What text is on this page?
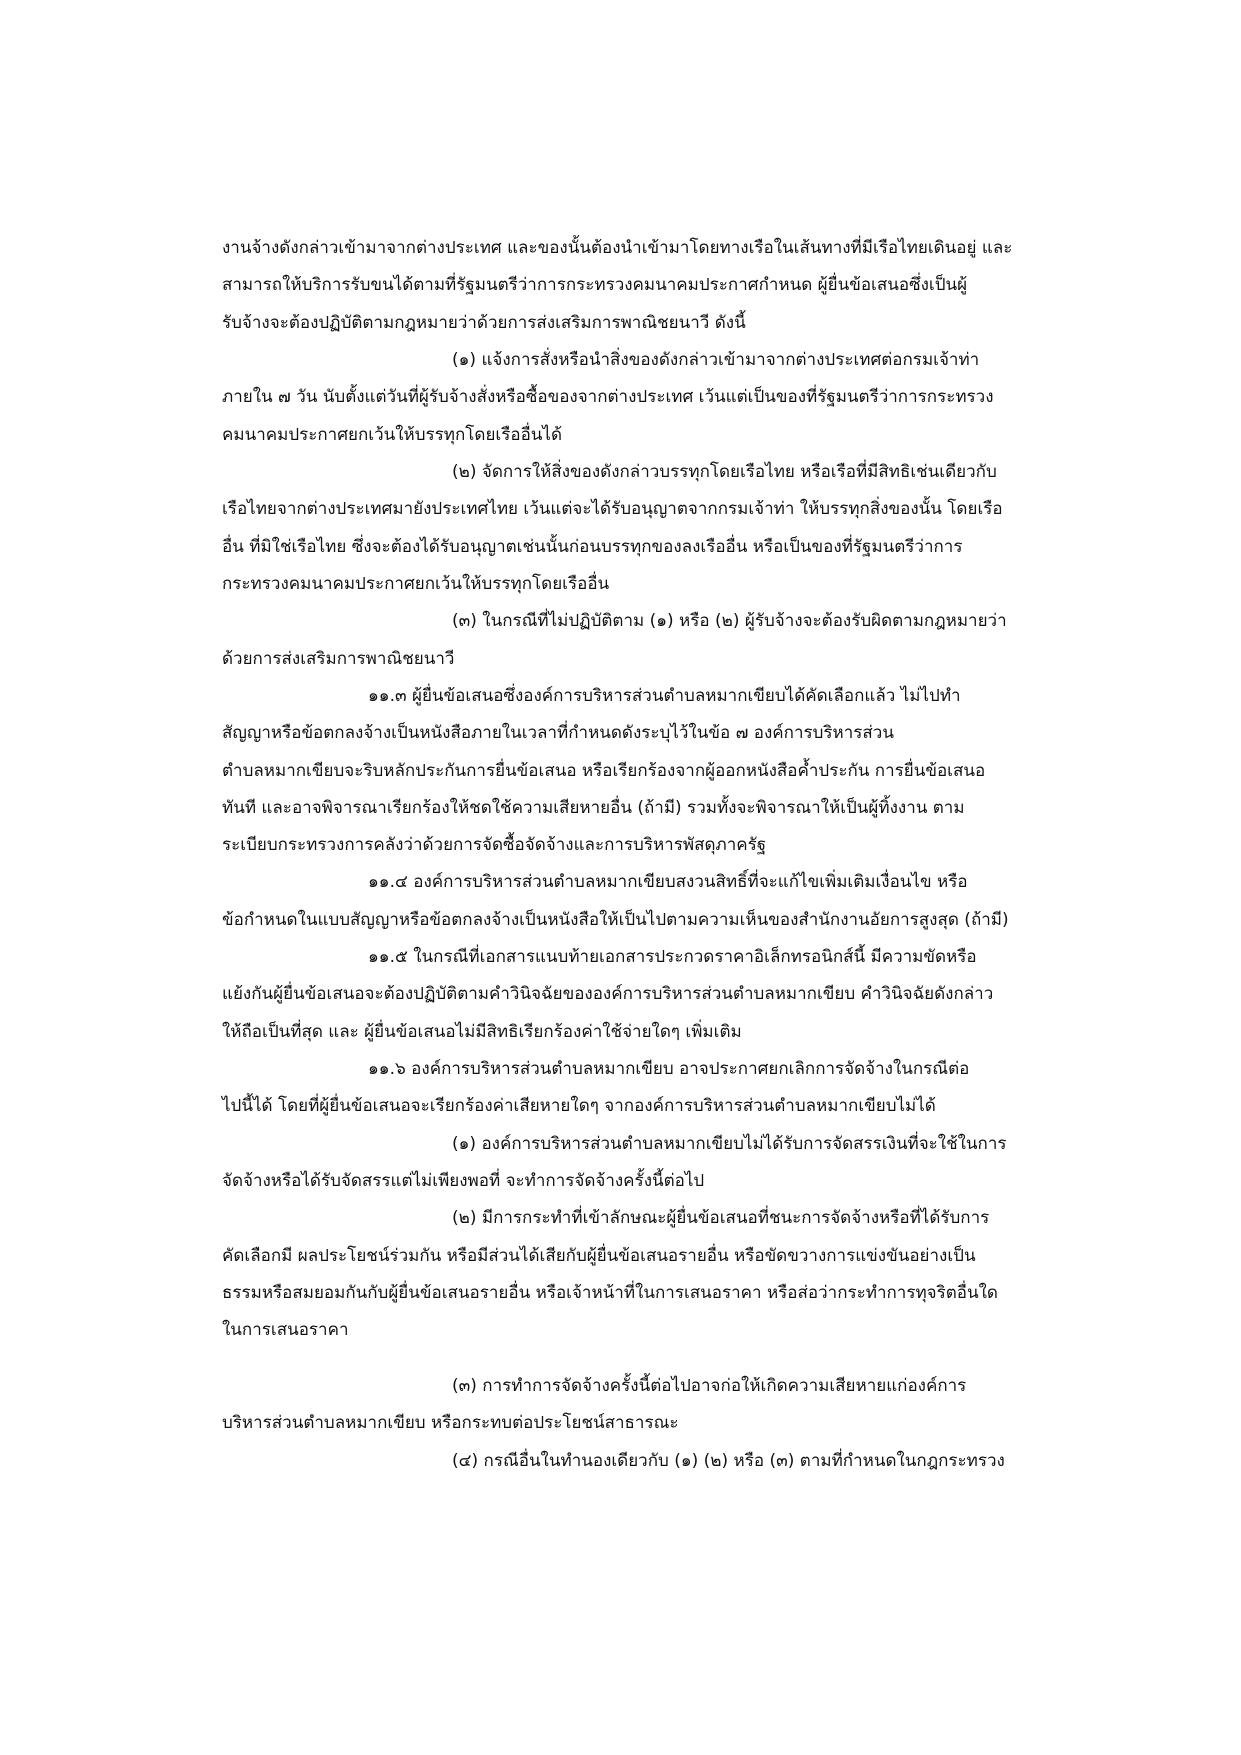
งานจ้างดังกล่าวเข้ามาจากต่างประเทศ และของนั้นต้องนำเข้ามาโดยทางเรือในเส้นทางที่มีเรือไทยเดินอยู่ และ
สามารถให้บริการรับขนได้ตามที่รัฐมนตรีว่าการกระทรวงคมนาคมประกาศกำหนด ผู้ยื่นข้อเสนอซึ่งเป็นผู้
รับจ้างจะต้องปฏิบัติตามกฎหมายว่าด้วยการส่งเสริมการพาณิชยนาวี ดังนี้
(๑) แจ้งการสั่งหรือนำสิ่งของดังกล่าวเข้ามาจากต่างประเทศต่อกรมเจ้าท่า
ภายใน ๗ วัน นับตั้งแต่วันที่ผู้รับจ้างสั่งหรือซื้อของจากต่างประเทศ เว้นแต่เป็นของที่รัฐมนตรีว่าการกระทรวง
คมนาคมประกาศยกเว้นให้บรรทุกโดยเรืออื่นได้
(๒) จัดการให้สิ่งของดังกล่าวบรรทุกโดยเรือไทย หรือเรือที่มีสิทธิเช่นเดียวกับ
เรือไทยจากต่างประเทศมายังประเทศไทย เว้นแต่จะได้รับอนุญาตจากกรมเจ้าท่า ให้บรรทุกสิ่งของนั้น โดยเรือ
อื่น ที่มิใช่เรือไทย ซึ่งจะต้องได้รับอนุญาตเช่นนั้นก่อนบรรทุกของลงเรืออื่น หรือเป็นของที่รัฐมนตรีว่าการ
กระทรวงคมนาคมประกาศยกเว้นให้บรรทุกโดยเรืออื่น
(๓) ในกรณีที่ไม่ปฏิบัติตาม (๑) หรือ (๒) ผู้รับจ้างจะต้องรับผิดตามกฎหมายว่า
ด้วยการส่งเสริมการพาณิชยนาวี
๑๑.๓ ผู้ยื่นข้อเสนอซึ่งองค์การบริหารส่วนตำบลหมากเขียบได้คัดเลือกแล้ว ไม่ไปทำ
สัญญาหรือข้อตกลงจ้างเป็นหนังสือภายในเวลาที่กำหนดดังระบุไว้ในข้อ ๗ องค์การบริหารส่วน
ตำบลหมากเขียบจะริบหลักประกันการยื่นข้อเสนอ หรือเรียกร้องจากผู้ออกหนังสือค้ำประกัน การยื่นข้อเสนอ
ทันที และอาจพิจารณาเรียกร้องให้ชดใช้ความเสียหายอื่น (ถ้ามี) รวมทั้งจะพิจารณาให้เป็นผู้ทิ้งงาน ตาม
ระเบียบกระทรวงการคลังว่าด้วยการจัดซื้อจัดจ้างและการบริหารพัสดุภาครัฐ
๑๑.๔ องค์การบริหารส่วนตำบลหมากเขียบสงวนสิทธิ์ที่จะแก้ไขเพิ่มเติมเงื่อนไข หรือ
ข้อกำหนดในแบบสัญญาหรือข้อตกลงจ้างเป็นหนังสือให้เป็นไปตามความเห็นของสำนักงานอัยการสูงสุด (ถ้ามี)
๑๑.๕ ในกรณีที่เอกสารแนบท้ายเอกสารประกวดราคาอิเล็กทรอนิกส์นี้ มีความขัดหรือ
แย้งกันผู้ยื่นข้อเสนอจะต้องปฏิบัติตามคำวินิจฉัยขององค์การบริหารส่วนตำบลหมากเขียบ คำวินิจฉัยดังกล่าว
ให้ถือเป็นที่สุด และ ผู้ยื่นข้อเสนอไม่มีสิทธิเรียกร้องค่าใช้จ่ายใดๆ เพิ่มเติม
๑๑.๖ องค์การบริหารส่วนตำบลหมากเขียบ อาจประกาศยกเลิกการจัดจ้างในกรณีต่อ
ไปนี้ได้ โดยที่ผู้ยื่นข้อเสนอจะเรียกร้องค่าเสียหายใดๆ จากองค์การบริหารส่วนตำบลหมากเขียบไม่ได้
(๑) องค์การบริหารส่วนตำบลหมากเขียบไม่ได้รับการจัดสรรเงินที่จะใช้ในการ
จัดจ้างหรือได้รับจัดสรรแต่ไม่เพียงพอที่ จะทำการจัดจ้างครั้งนี้ต่อไป
(๒) มีการกระทำที่เข้าลักษณะผู้ยื่นข้อเสนอที่ชนะการจัดจ้างหรือที่ได้รับการ
คัดเลือกมี ผลประโยชน์ร่วมกัน หรือมีส่วนได้เสียกับผู้ยื่นข้อเสนอรายอื่น หรือขัดขวางการแข่งขันอย่างเป็น
ธรรมหรือสมยอมกันกับผู้ยื่นข้อเสนอรายอื่น หรือเจ้าหน้าที่ในการเสนอราคา หรือส่อว่ากระทำการทุจริตอื่นใด
ในการเสนอราคา
(๓) การทำการจัดจ้างครั้งนี้ต่อไปอาจก่อให้เกิดความเสียหายแก่องค์การ
บริหารส่วนตำบลหมากเขียบ หรือกระทบต่อประโยชน์สาธารณะ
(๔) กรณีอื่นในทำนองเดียวกับ (๑) (๒) หรือ (๓) ตามที่กำหนดในกฎกระทรวง
